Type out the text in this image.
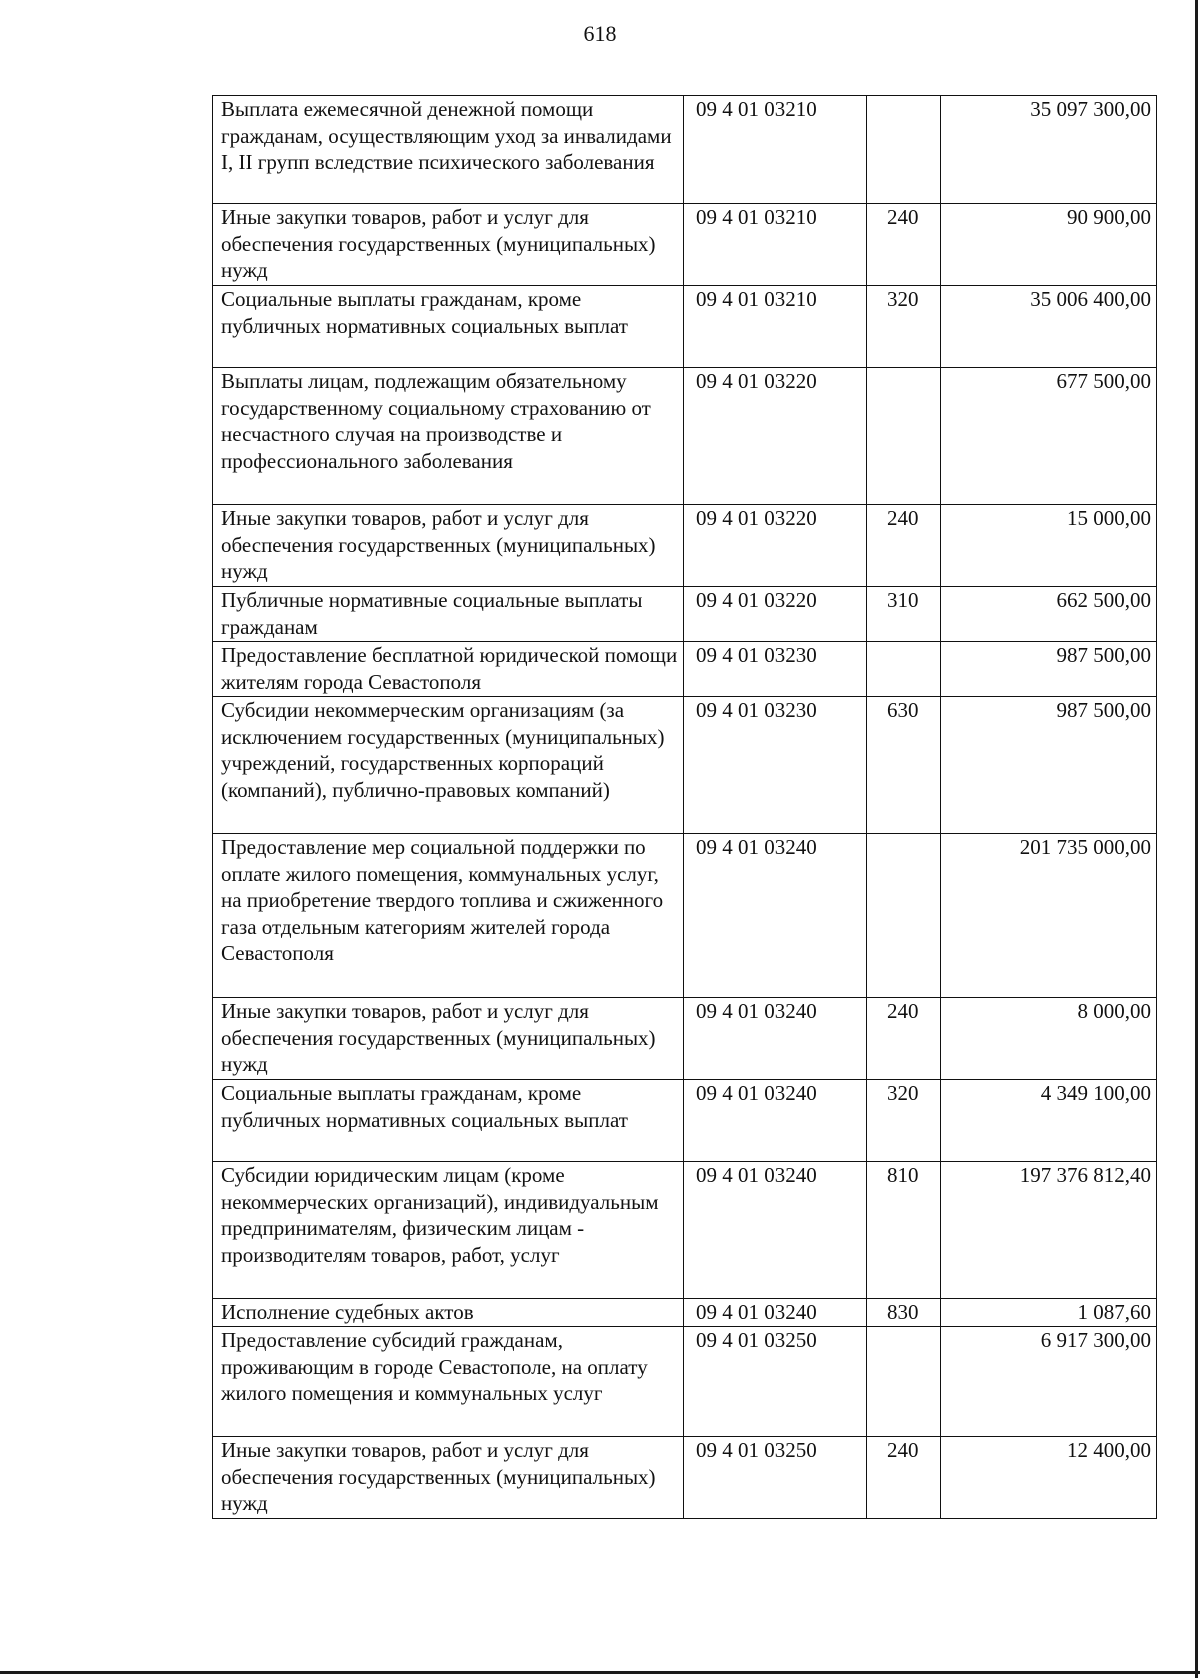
618
Выплата ежемесячной денежной помощи гражданам, осуществляющим уход за инвалидами I, II групп вследствие психического заболевания	09 4 01 03210		35 097 300,00
Иные закупки товаров, работ и услуг для обеспечения государственных (муниципальных) нужд	09 4 01 03210	240	90 900,00
Социальные выплаты гражданам, кроме публичных нормативных социальных выплат	09 4 01 03210	320	35 006 400,00
Выплаты лицам, подлежащим обязательному государственному социальному страхованию от несчастного случая на производстве и профессионального заболевания	09 4 01 03220		677 500,00
Иные закупки товаров, работ и услуг для обеспечения государственных (муниципальных) нужд	09 4 01 03220	240	15 000,00
Публичные нормативные социальные выплаты гражданам	09 4 01 03220	310	662 500,00
Предоставление бесплатной юридической помощи жителям города Севастополя	09 4 01 03230		987 500,00
Субсидии некоммерческим организациям (за исключением государственных (муниципальных) учреждений, государственных корпораций (компаний), публично-правовых компаний)	09 4 01 03230	630	987 500,00
Предоставление мер социальной поддержки по оплате жилого помещения, коммунальных услуг, на приобретение твердого топлива и сжиженного газа отдельным категориям жителей города Севастополя	09 4 01 03240		201 735 000,00
Иные закупки товаров, работ и услуг для обеспечения государственных (муниципальных) нужд	09 4 01 03240	240	8 000,00
Социальные выплаты гражданам, кроме публичных нормативных социальных выплат	09 4 01 03240	320	4 349 100,00
Субсидии юридическим лицам (кроме некоммерческих организаций), индивидуальным предпринимателям, физическим лицам - производителям товаров, работ, услуг	09 4 01 03240	810	197 376 812,40
Исполнение судебных актов	09 4 01 03240	830	1 087,60
Предоставление субсидий гражданам, проживающим в городе Севастополе, на оплату жилого помещения и коммунальных услуг	09 4 01 03250		6 917 300,00
Иные закупки товаров, работ и услуг для обеспечения государственных (муниципальных) нужд	09 4 01 03250	240	12 400,00
